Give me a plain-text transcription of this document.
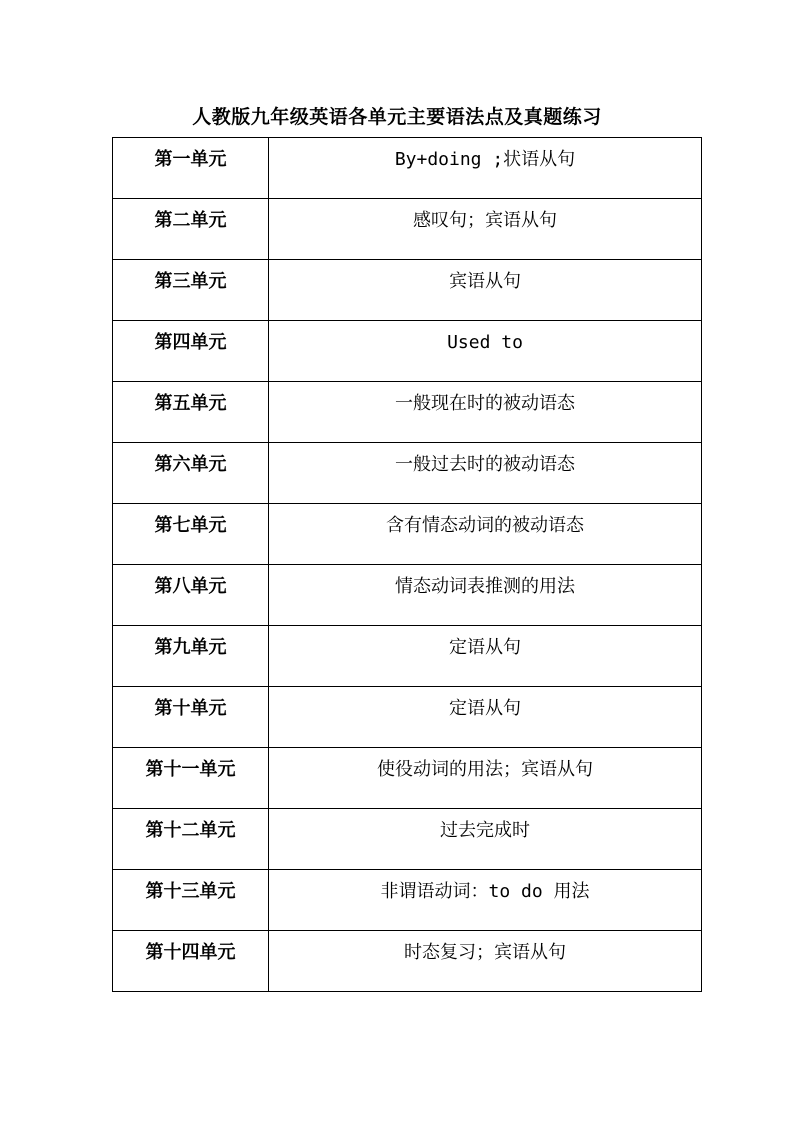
人教版九年级英语各单元主要语法点及真题练习
第一单元	By+doing ;状语从句

第二单元	感叹句；宾语从句

第三单元	宾语从句

第四单元	Used to

第五单元	一般现在时的被动语态

第六单元	一般过去时的被动语态

第七单元	含有情态动词的被动语态

第八单元	情态动词表推测的用法

第九单元	定语从句

第十单元	定语从句

第十一单元	使役动词的用法；宾语从句

第十二单元	过去完成时

第十三单元	非谓语动词：to do 用法

第十四单元	时态复习；宾语从句
